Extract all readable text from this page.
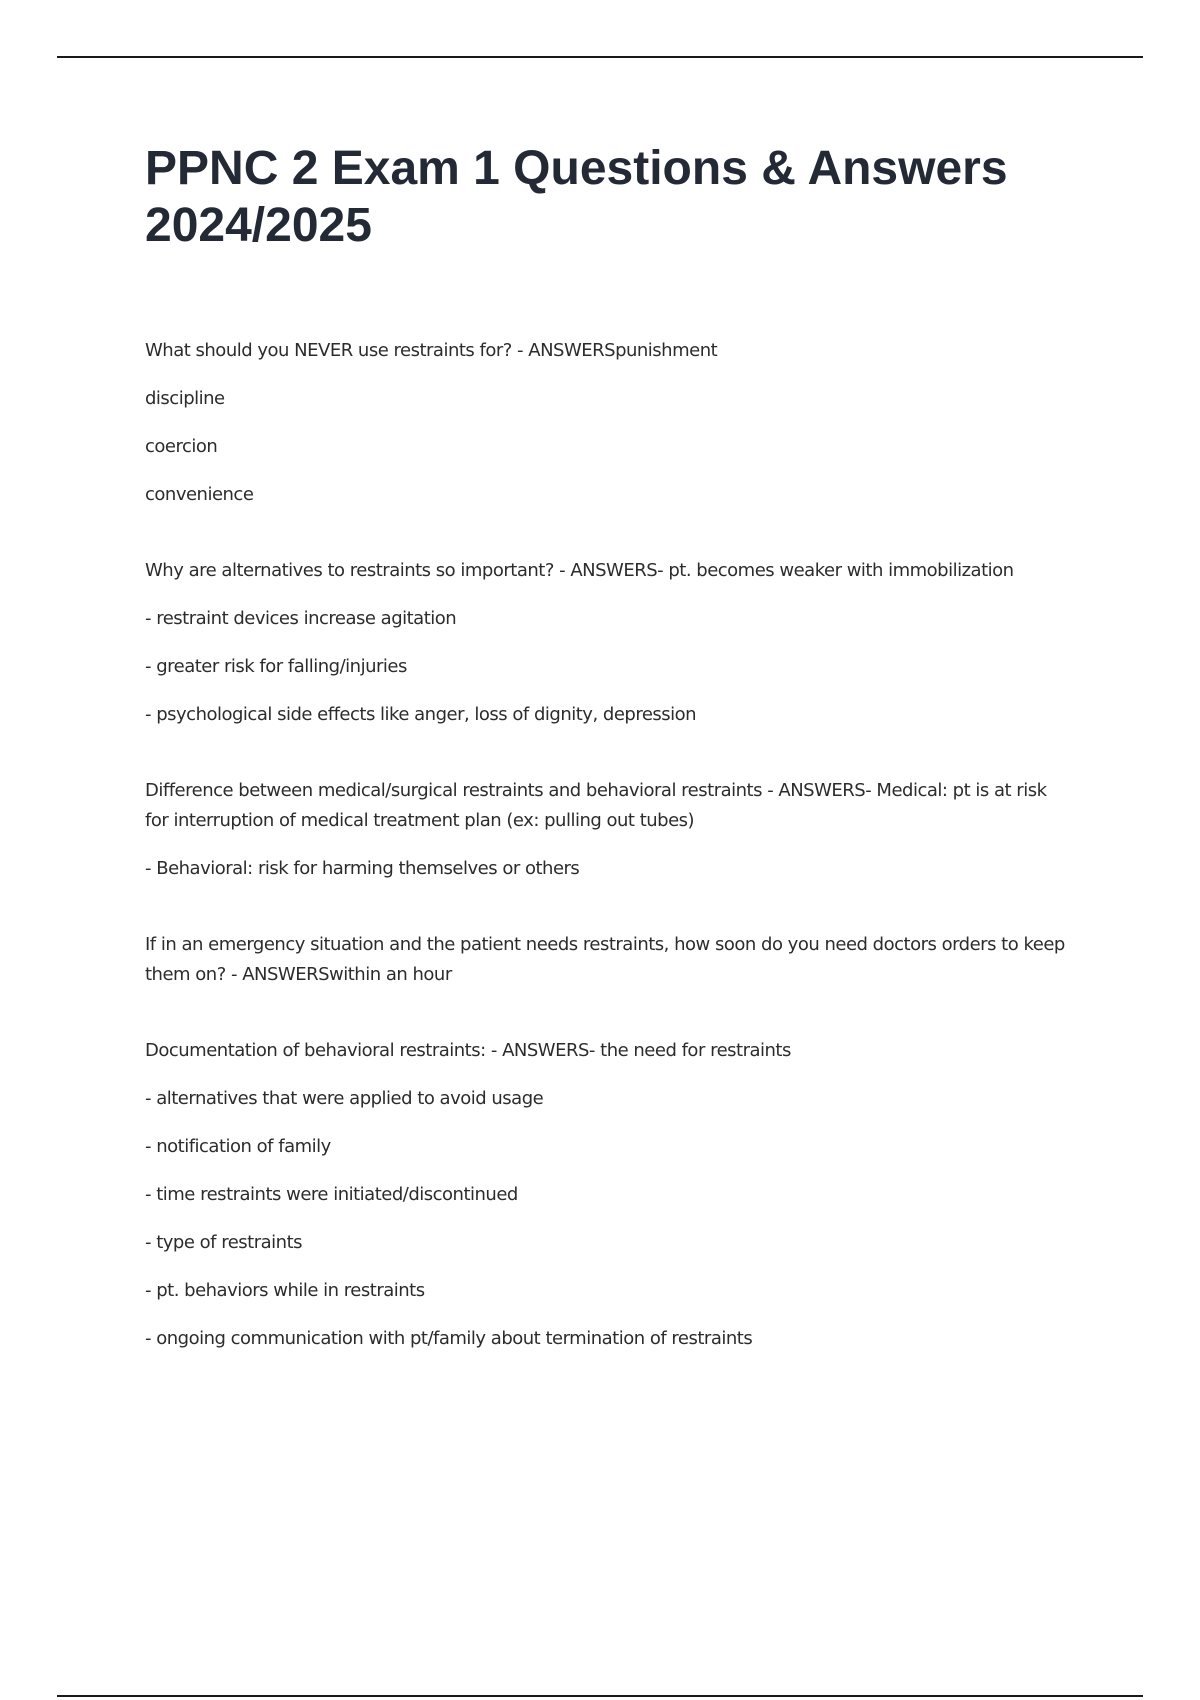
PPNC 2 Exam 1 Questions & Answers
2024/2025

What should you NEVER use restraints for? - ANSWERSpunishment

discipline

coercion

convenience

Why are alternatives to restraints so important? - ANSWERS- pt. becomes weaker with immobilization

- restraint devices increase agitation

- greater risk for falling/injuries

- psychological side effects like anger, loss of dignity, depression

Difference between medical/surgical restraints and behavioral restraints - ANSWERS- Medical: pt is at risk for interruption of medical treatment plan (ex: pulling out tubes)

- Behavioral: risk for harming themselves or others

If in an emergency situation and the patient needs restraints, how soon do you need doctors orders to keep them on? - ANSWERSwithin an hour

Documentation of behavioral restraints: - ANSWERS- the need for restraints

- alternatives that were applied to avoid usage

- notification of family

- time restraints were initiated/discontinued

- type of restraints

- pt. behaviors while in restraints

- ongoing communication with pt/family about termination of restraints
